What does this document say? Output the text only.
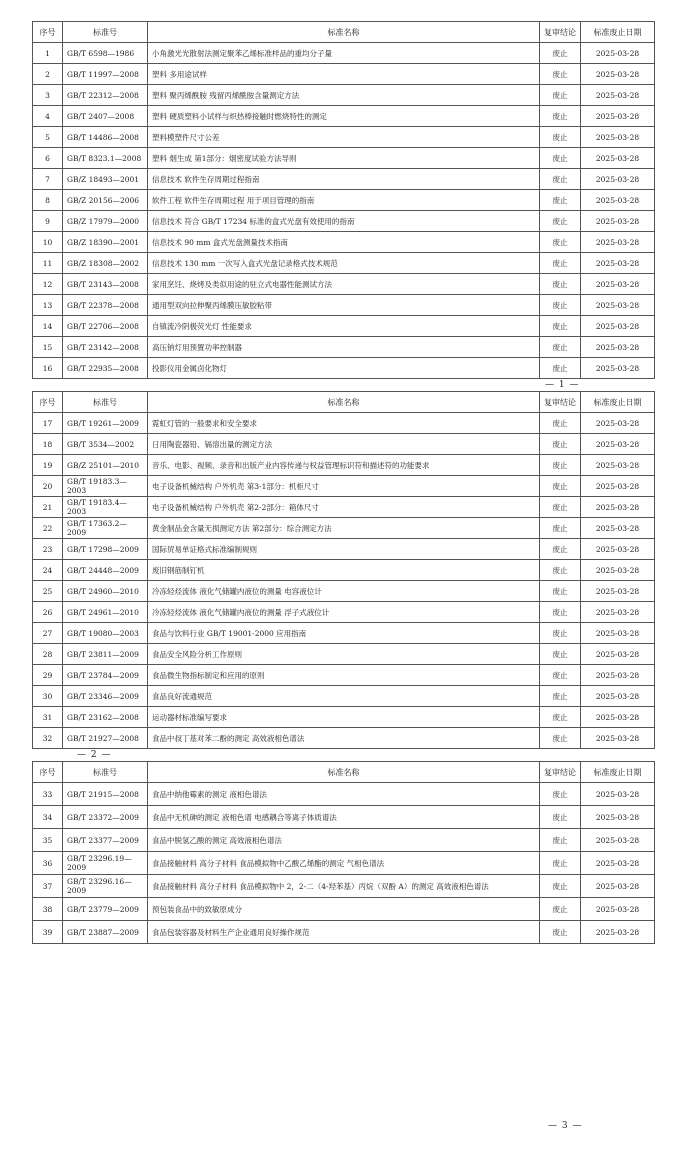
序号	标准号	标准名称	复审结论	标准废止日期
1	GB/T 6598—1986	小角激光光散射法测定聚苯乙烯标准样品的重均分子量	废止	2025-03-28
2	GB/T 11997—2008	塑料 多用途试样	废止	2025-03-28
3	GB/T 22312—2008	塑料 聚丙烯酰胺 残留丙烯酰胺含量测定方法	废止	2025-03-28
4	GB/T 2407—2008	塑料 硬质塑料小试样与炽热棒接触时燃烧特性的测定	废止	2025-03-28
5	GB/T 14486—2008	塑料模塑件尺寸公差	废止	2025-03-28
6	GB/T 8323.1—2008	塑料 烟生成 第1部分：烟密度试验方法导则	废止	2025-03-28
7	GB/Z 18493—2001	信息技术 软件生存周期过程指南	废止	2025-03-28
8	GB/Z 20156—2006	软件工程 软件生存周期过程 用于项目管理的指南	废止	2025-03-28
9	GB/Z 17979—2000	信息技术 符合 GB/T 17234 标准的盒式光盘有效使用的指南	废止	2025-03-28
10	GB/Z 18390—2001	信息技术 90 mm 盒式光盘测量技术指南	废止	2025-03-28
11	GB/Z 18308—2002	信息技术 130 mm 一次写入盒式光盘记录格式技术规范	废止	2025-03-28
12	GB/T 23143—2008	家用烹饪、烧烤及类似用途的驻立式电器性能测试方法	废止	2025-03-28
13	GB/T 22378—2008	通用型双向拉伸聚丙烯膜压敏胶粘带	废止	2025-03-28
14	GB/T 22706—2008	自镇流冷阴极荧光灯 性能要求	废止	2025-03-28
15	GB/T 23142—2008	高压钠灯用预置功率控制器	废止	2025-03-28
16	GB/T 22935—2008	投影仪用金属卤化物灯	废止	2025-03-28
— 1 —
序号	标准号	标准名称	复审结论	标准废止日期
17	GB/T 19261—2009	霓虹灯管的一般要求和安全要求	废止	2025-03-28
18	GB/T 3534—2002	日用陶瓷器铅、镉溶出量的测定方法	废止	2025-03-28
19	GB/Z 25101—2010	音乐、电影、视频、录音和出版产业内容传递与权益管理标识符和描述符的功能要求	废止	2025-03-28
20	GB/T 19183.3—2003	电子设备机械结构 户外机壳 第3-1部分：机柜尺寸	废止	2025-03-28
21	GB/T 19183.4—2003	电子设备机械结构 户外机壳 第2-2部分：箱体尺寸	废止	2025-03-28
22	GB/T 17363.2—2009	黄金制品金含量无损测定方法 第2部分：综合测定方法	废止	2025-03-28
23	GB/T 17298—2009	国际贸易单证格式标准编制规则	废止	2025-03-28
24	GB/T 24448—2009	废旧钢筋制钉机	废止	2025-03-28
25	GB/T 24960—2010	冷冻轻烃流体 液化气储罐内液位的测量 电容液位计	废止	2025-03-28
26	GB/T 24961—2010	冷冻轻烃流体 液化气储罐内液位的测量 浮子式液位计	废止	2025-03-28
27	GB/T 19080—2003	食品与饮料行业 GB/T 19001-2000 应用指南	废止	2025-03-28
28	GB/T 23811—2009	食品安全风险分析工作原则	废止	2025-03-28
29	GB/T 23784—2009	食品微生物指标制定和应用的原则	废止	2025-03-28
30	GB/T 23346—2009	食品良好流通规范	废止	2025-03-28
31	GB/T 23162—2008	运动器材标准编写要求	废止	2025-03-28
32	GB/T 21927—2008	食品中叔丁基对苯二酚的测定 高效液相色谱法	废止	2025-03-28
— 2 —
序号	标准号	标准名称	复审结论	标准废止日期
33	GB/T 21915—2008	食品中纳他霉素的测定 液相色谱法	废止	2025-03-28
34	GB/T 23372—2009	食品中无机砷的测定 液相色谱 电感耦合等离子体质谱法	废止	2025-03-28
35	GB/T 23377—2009	食品中脱氢乙酸的测定 高效液相色谱法	废止	2025-03-28
36	GB/T 23296.19—2009	食品接触材料 高分子材料 食品模拟物中乙酸乙烯酯的测定 气相色谱法	废止	2025-03-28
37	GB/T 23296.16—2009	食品接触材料 高分子材料 食品模拟物中 2，2-二（4-羟苯基）丙烷（双酚 A）的测定 高效液相色谱法	废止	2025-03-28
38	GB/T 23779—2009	预包装食品中的致敏原成分	废止	2025-03-28
39	GB/T 23887—2009	食品包装容器及材料生产企业通用良好操作规范	废止	2025-03-28
— 3 —
